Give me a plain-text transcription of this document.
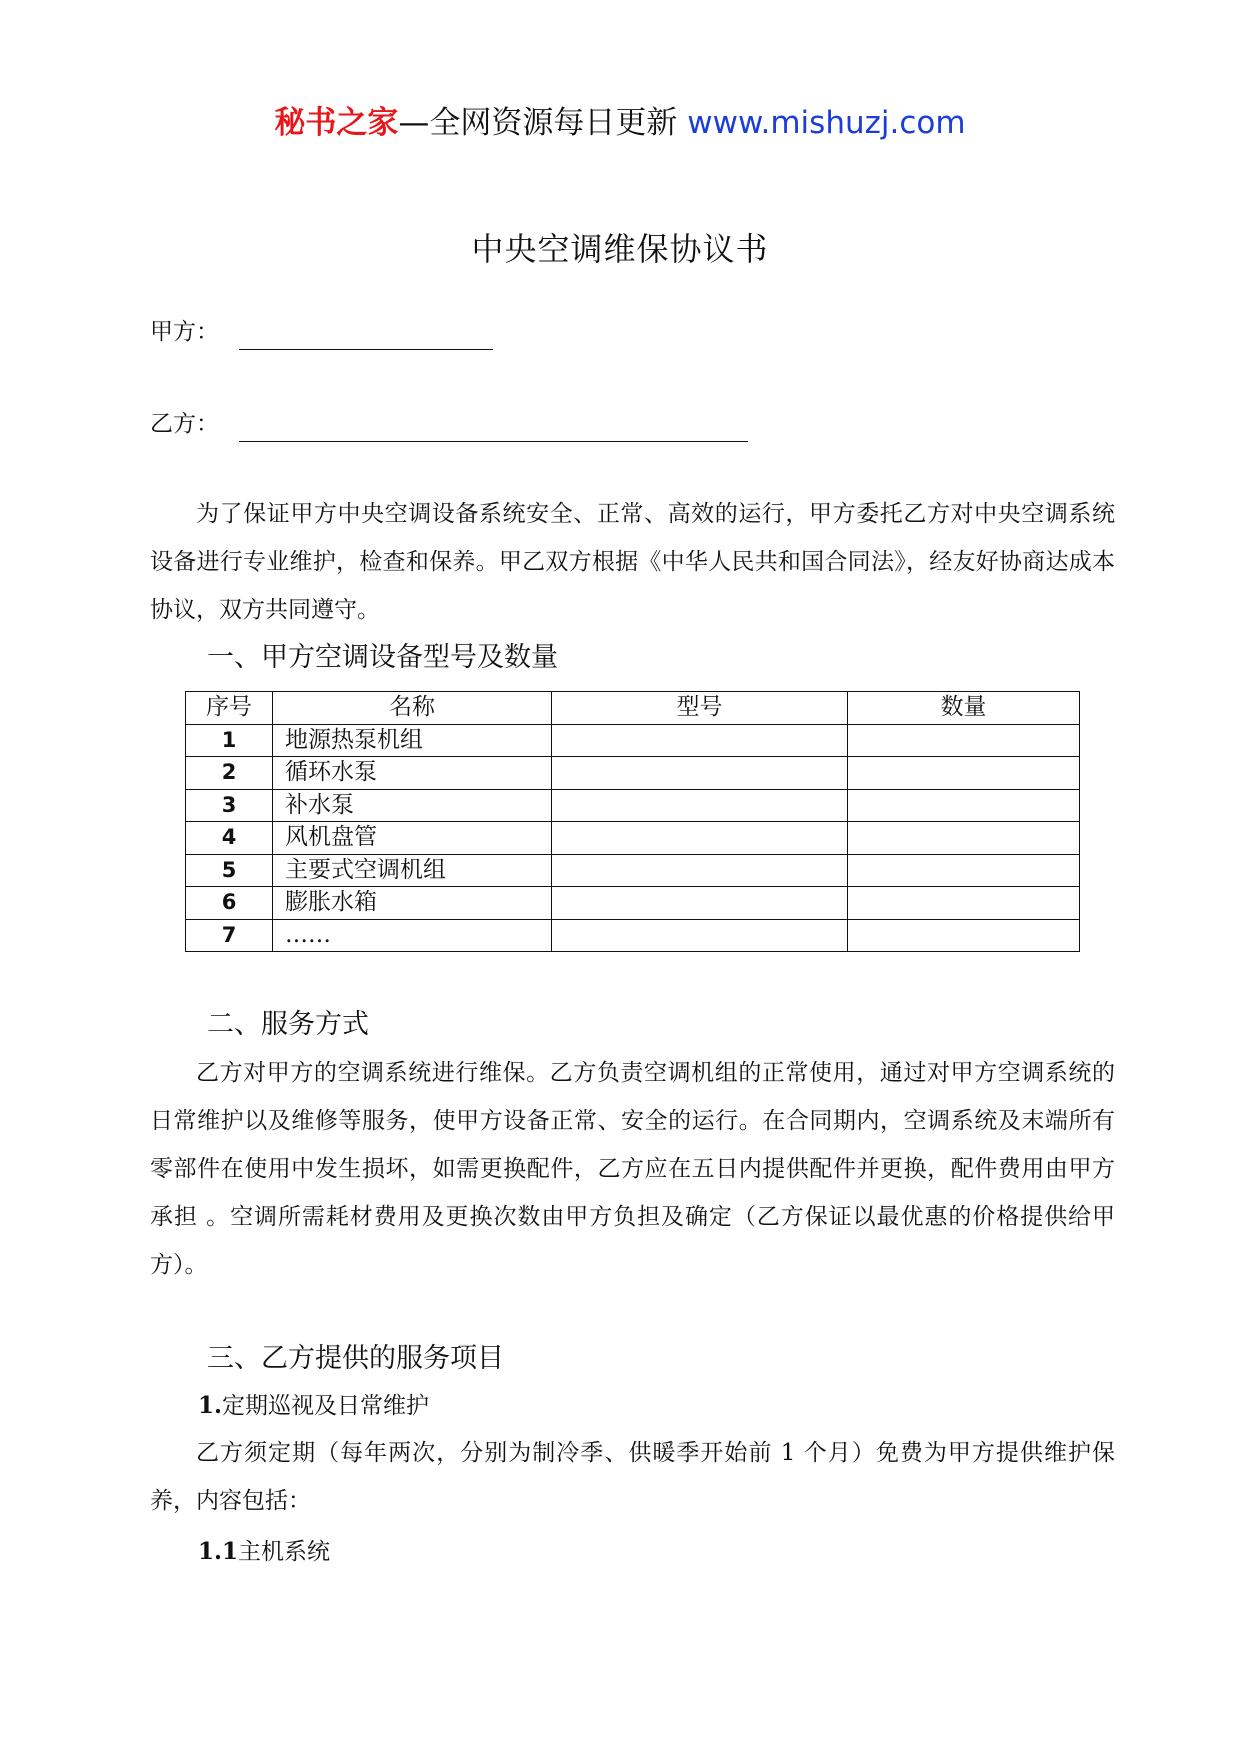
秘书之家—全网资源每日更新 www.mishuzj.com
中央空调维保协议书
甲方：
乙方：
为了保证甲方中央空调设备系统安全、正常、高效的运行，甲方委托乙方对中央空调系统设备进行专业维护，检查和保养。甲乙双方根据《中华人民共和国合同法》，经友好协商达成本协议，双方共同遵守。
一、甲方空调设备型号及数量
序号	名称	型号	数量
1	地源热泵机组		
2	循环水泵		
3	补水泵		
4	风机盘管		
5	主要式空调机组		
6	膨胀水箱		
7	……		
二、服务方式
乙方对甲方的空调系统进行维保。乙方负责空调机组的正常使用，通过对甲方空调系统的日常维护以及维修等服务，使甲方设备正常、安全的运行。在合同期内，空调系统及末端所有零部件在使用中发生损坏，如需更换配件，乙方应在五日内提供配件并更换，配件费用由甲方承担 。空调所需耗材费用及更换次数由甲方负担及确定（乙方保证以最优惠的价格提供给甲方）。
三、乙方提供的服务项目
1.定期巡视及日常维护
乙方须定期（每年两次，分别为制冷季、供暖季开始前 1 个月）免费为甲方提供维护保养，内容包括：
1.1主机系统
